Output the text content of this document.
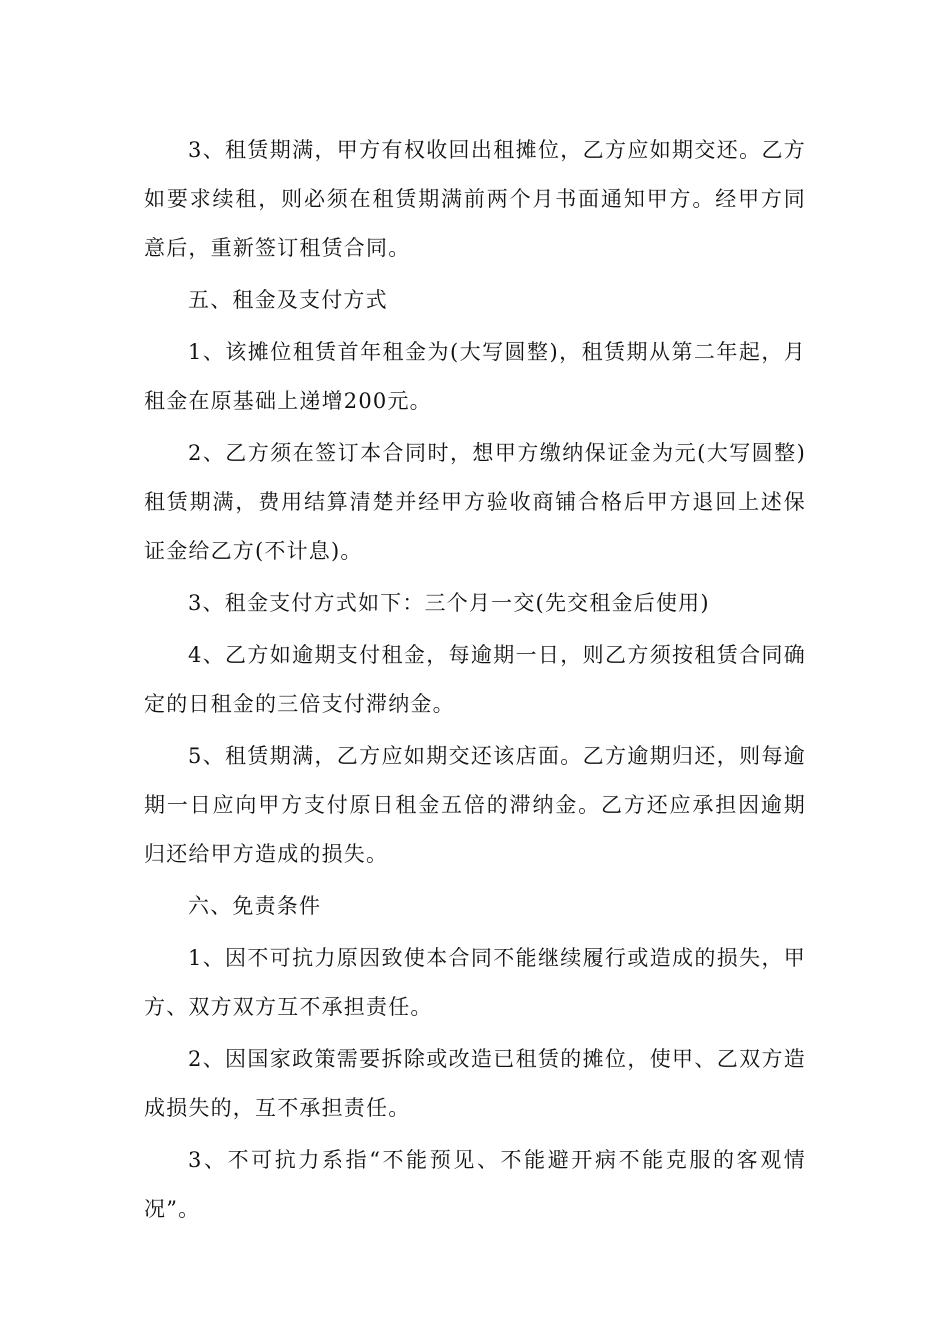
3、租赁期满，甲方有权收回出租摊位，乙方应如期交还。乙方如要求续租，则必须在租赁期满前两个月书面通知甲方。经甲方同意后，重新签订租赁合同。

五、租金及支付方式

1、该摊位租赁首年租金为(大写圆整)，租赁期从第二年起，月租金在原基础上递增200元。

2、乙方须在签订本合同时，想甲方缴纳保证金为元(大写圆整)租赁期满，费用结算清楚并经甲方验收商铺合格后甲方退回上述保证金给乙方(不计息)。

3、租金支付方式如下：三个月一交(先交租金后使用)

4、乙方如逾期支付租金，每逾期一日，则乙方须按租赁合同确定的日租金的三倍支付滞纳金。

5、租赁期满，乙方应如期交还该店面。乙方逾期归还，则每逾期一日应向甲方支付原日租金五倍的滞纳金。乙方还应承担因逾期归还给甲方造成的损失。

六、免责条件

1、因不可抗力原因致使本合同不能继续履行或造成的损失，甲方、双方双方互不承担责任。

2、因国家政策需要拆除或改造已租赁的摊位，使甲、乙双方造成损失的，互不承担责任。

3、不可抗力系指“不能预见、不能避开病不能克服的客观情况”。
